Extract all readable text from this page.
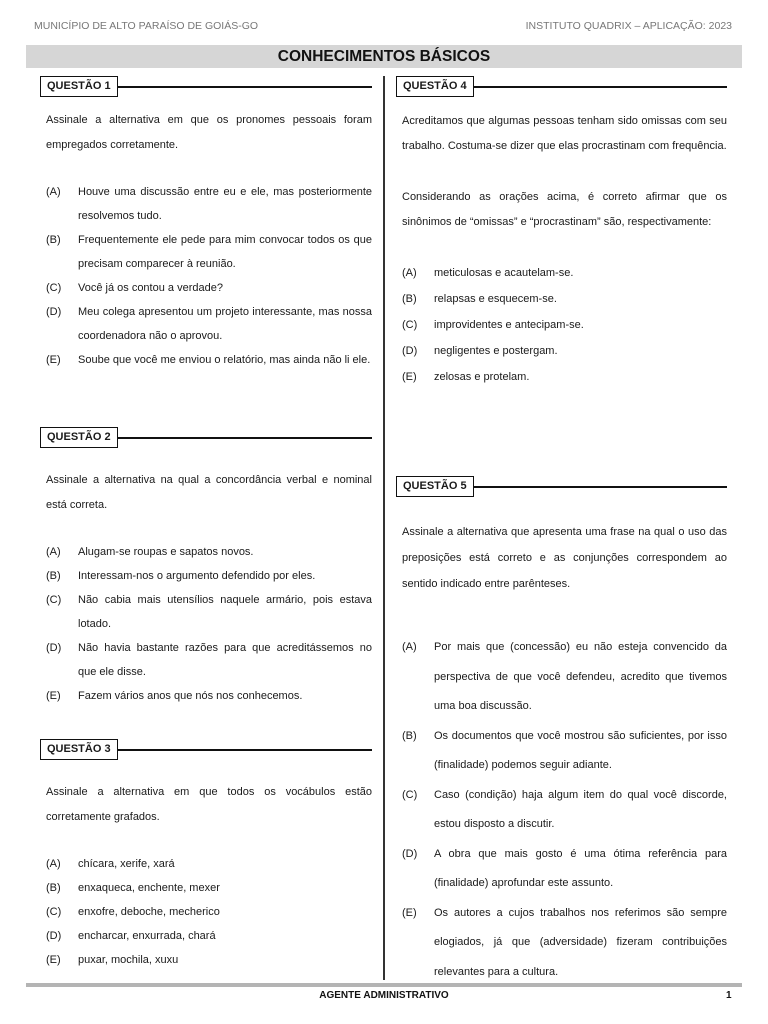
MUNICÍPIO DE ALTO PARAÍSO DE GOIÁS-GO	INSTITUTO QUADRIX – APLICAÇÃO: 2023
CONHECIMENTOS BÁSICOS
QUESTÃO 1
Assinale a alternativa em que os pronomes pessoais foram empregados corretamente.
(A)	Houve uma discussão entre eu e ele, mas posteriormente resolvemos tudo.
(B)	Frequentemente ele pede para mim convocar todos os que precisam comparecer à reunião.
(C)	Você já os contou a verdade?
(D)	Meu colega apresentou um projeto interessante, mas nossa coordenadora não o aprovou.
(E)	Soube que você me enviou o relatório, mas ainda não li ele.
QUESTÃO 2
Assinale a alternativa na qual a concordância verbal e nominal está correta.
(A)	Alugam-se roupas e sapatos novos.
(B)	Interessam-nos o argumento defendido por eles.
(C)	Não cabia mais utensílios naquele armário, pois estava lotado.
(D)	Não havia bastante razões para que acreditássemos no que ele disse.
(E)	Fazem vários anos que nós nos conhecemos.
QUESTÃO 3
Assinale a alternativa em que todos os vocábulos estão corretamente grafados.
(A)	chícara, xerife, xará
(B)	enxaqueca, enchente, mexer
(C)	enxofre, deboche, mecherico
(D)	encharcar, enxurrada, chará
(E)	puxar, mochila, xuxu
QUESTÃO 4
Acreditamos que algumas pessoas tenham sido omissas com seu trabalho. Costuma-se dizer que elas procrastinam com frequência.
Considerando as orações acima, é correto afirmar que os sinônimos de “omissas” e “procrastinam” são, respectivamente:
(A)	meticulosas e acautelam-se.
(B)	relapsas e esquecem-se.
(C)	improvidentes e antecipam-se.
(D)	negligentes e postergam.
(E)	zelosas e protelam.
QUESTÃO 5
Assinale a alternativa que apresenta uma frase na qual o uso das preposições está correto e as conjunções correspondem ao sentido indicado entre parênteses.
(A)	Por mais que (concessão) eu não esteja convencido da perspectiva de que você defendeu, acredito que tivemos uma boa discussão.
(B)	Os documentos que você mostrou são suficientes, por isso (finalidade) podemos seguir adiante.
(C)	Caso (condição) haja algum item do qual você discorde, estou disposto a discutir.
(D)	A obra que mais gosto é uma ótima referência para (finalidade) aprofundar este assunto.
(E)	Os autores a cujos trabalhos nos referimos são sempre elogiados, já que (adversidade) fizeram contribuições relevantes para a cultura.
AGENTE ADMINISTRATIVO	1
